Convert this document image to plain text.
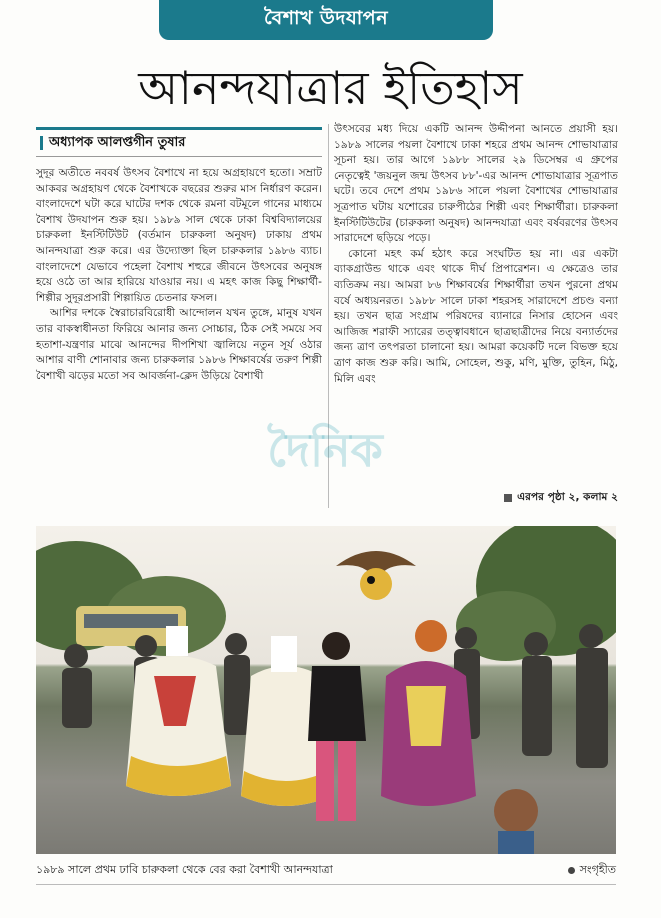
বৈশাখ উদযাপন
আনন্দযাত্রার ইতিহাস
অধ্যাপক আলপ্তগীন তুষার

সুদূর অতীতে নববর্ষ উৎসব বৈশাখে না হয়ে অগ্রহায়ণে হতো। সম্রাট আকবর অগ্রহায়ণ থেকে বৈশাখকে বছরের শুরুর মাস নির্ধারণ করেন। বাংলাদেশে ঘটা করে ঘাটের দশক থেকে রমনা বটমূলে গানের মাধ্যমে বৈশাখ উদযাপন শুরু হয়। ১৯৮৯ সাল থেকে ঢাকা বিশ্ববিদ্যালয়ের চারুকলা ইনস্টিটিউট (বর্তমান চারুকলা অনুষদ) ঢাকায় প্রথম আনন্দযাত্রা শুরু করে। এর উদ্যোক্তা ছিল চারুকলার ১৯৮৬ ব্যাচ। বাংলাদেশে যেভাবে পহেলা বৈশাখ শহুরে জীবনে উৎসবের অনুষঙ্গ হয়ে ওঠে তা আর হারিয়ে যাওয়ার নয়। এ মহৎ কাজ কিছু শিক্ষার্থী-শিল্পীর সুদূরপ্রসারী শিল্পায়িত চেতনার ফসল।

আশির দশকে স্বৈরাচারবিরোধী আন্দোলন যখন তুঙ্গে, মানুষ যখন তার বাকস্বাধীনতা ফিরিয়ে আনার জন্য সোচ্চার, ঠিক সেই সময়ে সব হতাশা-যন্ত্রণার মাঝে আনন্দের দীপশিখা জ্বালিয়ে নতুন সূর্য ওঠার আশার বাণী শোনাবার জন্য চারুকলার ১৯৮৬ শিক্ষাবর্ষের তরুণ শিল্পী বৈশাখী ঝড়ের মতো সব আবর্জনা-ক্লেদ উড়িয়ে বৈশাখী

উৎসবের মধ্য দিয়ে একটি আনন্দ উদ্দীপনা আনতে প্রয়াসী হয়। ১৯৮৯ সালের পয়লা বৈশাখে ঢাকা শহরে প্রথম আনন্দ শোভাযাত্রার সূচনা হয়। তার আগে ১৯৮৮ সালের ২৯ ডিসেম্বর এ গ্রুপের নেতৃত্বেই 'জয়নুল জন্ম উৎসব ৮৮'-এর আনন্দ শোভাযাত্রার সূত্রপাত ঘটে। তবে দেশে প্রথম ১৯৮৬ সালে পয়লা বৈশাখের শোভাযাত্রার সূত্রপাত ঘটায় যশোরের চারুপীঠের শিল্পী এবং শিক্ষার্থীরা। চারুকলা ইনস্টিটিউটের (চারুকলা অনুষদ) আনন্দযাত্রা এবং বর্ষবরণের উৎসব সারাদেশে ছড়িয়ে পড়ে।

কোনো মহৎ কর্ম হঠাৎ করে সংঘটিত হয় না। এর একটা ব্যাকগ্রাউন্ড থাকে এবং থাকে দীর্ঘ প্রিপারেশন। এ ক্ষেত্রেও তার ব্যতিক্রম নয়। আমরা ৮৬ শিক্ষাবর্ষের শিক্ষার্থীরা তখন পুরনো প্রথম বর্ষে অধ্যয়নরত। ১৯৮৮ সালে ঢাকা শহরসহ সারাদেশে প্রচণ্ড বন্যা হয়। তখন ছাত্র সংগ্রাম পরিষদের ব্যানারে নিসার হোসেন এবং আজিজ শরাফী স্যারের তত্ত্বাবধানে ছাত্রছাত্রীদের নিয়ে বন্যার্তদের জন্য ত্রাণ তৎপরতা চালানো হয়। আমরা কয়েকটি দলে বিভক্ত হয়ে ত্রাণ কাজ শুরু করি। আমি, সোহেল, শুকু, মণি, মুক্তি, তুহিন, মিঠু, মিলি এবং

এরপর পৃষ্ঠা ২, কলাম ২
দৈনিক
১৯৮৯ সালে প্রথম ঢাবি চারুকলা থেকে বের করা বৈশাখী আনন্দযাত্রা	সংগৃহীত
